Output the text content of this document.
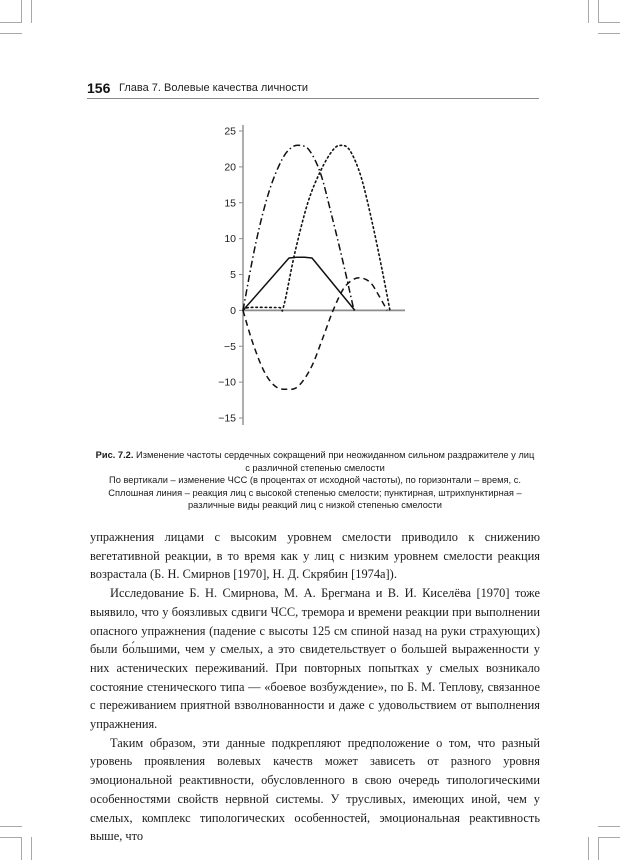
156 Глава 7. Волевые качества личности
25
20
15
10
5
0
−5
−10
−15

Рис. 7.2. Изменение частоты сердечных сокращений при неожиданном сильном раздражителе у лиц с различной степенью смелости

По вертикали – изменение ЧСС (в процентах от исходной частоты), по горизонтали – время, с.

Сплошная линия – реакция лиц с высокой степенью смелости; пунктирная, штрихпунктирная – различные виды реакций лиц с низкой степенью смелости

упражнения лицами с высоким уровнем смелости приводило к снижению вегетативной реакции, в то время как у лиц с низким уровнем смелости реакция возрастала (Б. Н. Смирнов [1970], Н. Д. Скрябин [1974а]).

Исследование Б. Н. Смирнова, М. А. Брегмана и В. И. Киселёва [1970] тоже выявило, что у боязливых сдвиги ЧСС, тремора и времени реакции при выполнении опасного упражнения (падение с высоты 125 см спиной назад на руки страхующих) были бо́льшими, чем у смелых, а это свидетельствует о большей выраженности у них астенических переживаний. При повторных попытках у смелых возникало состояние стенического типа — «боевое возбуждение», по Б. М. Теплову, связанное с переживанием приятной взволнованности и даже с удовольствием от выполнения упражнения.

Таким образом, эти данные подкрепляют предположение о том, что разный уровень проявления волевых качеств может зависеть от разного уровня эмоциональной реактивности, обусловленного в свою очередь типологическими особенностями свойств нервной системы. У трусливых, имеющих иной, чем у смелых, комплекс типологических особенностей, эмоциональная реактивность выше, что
